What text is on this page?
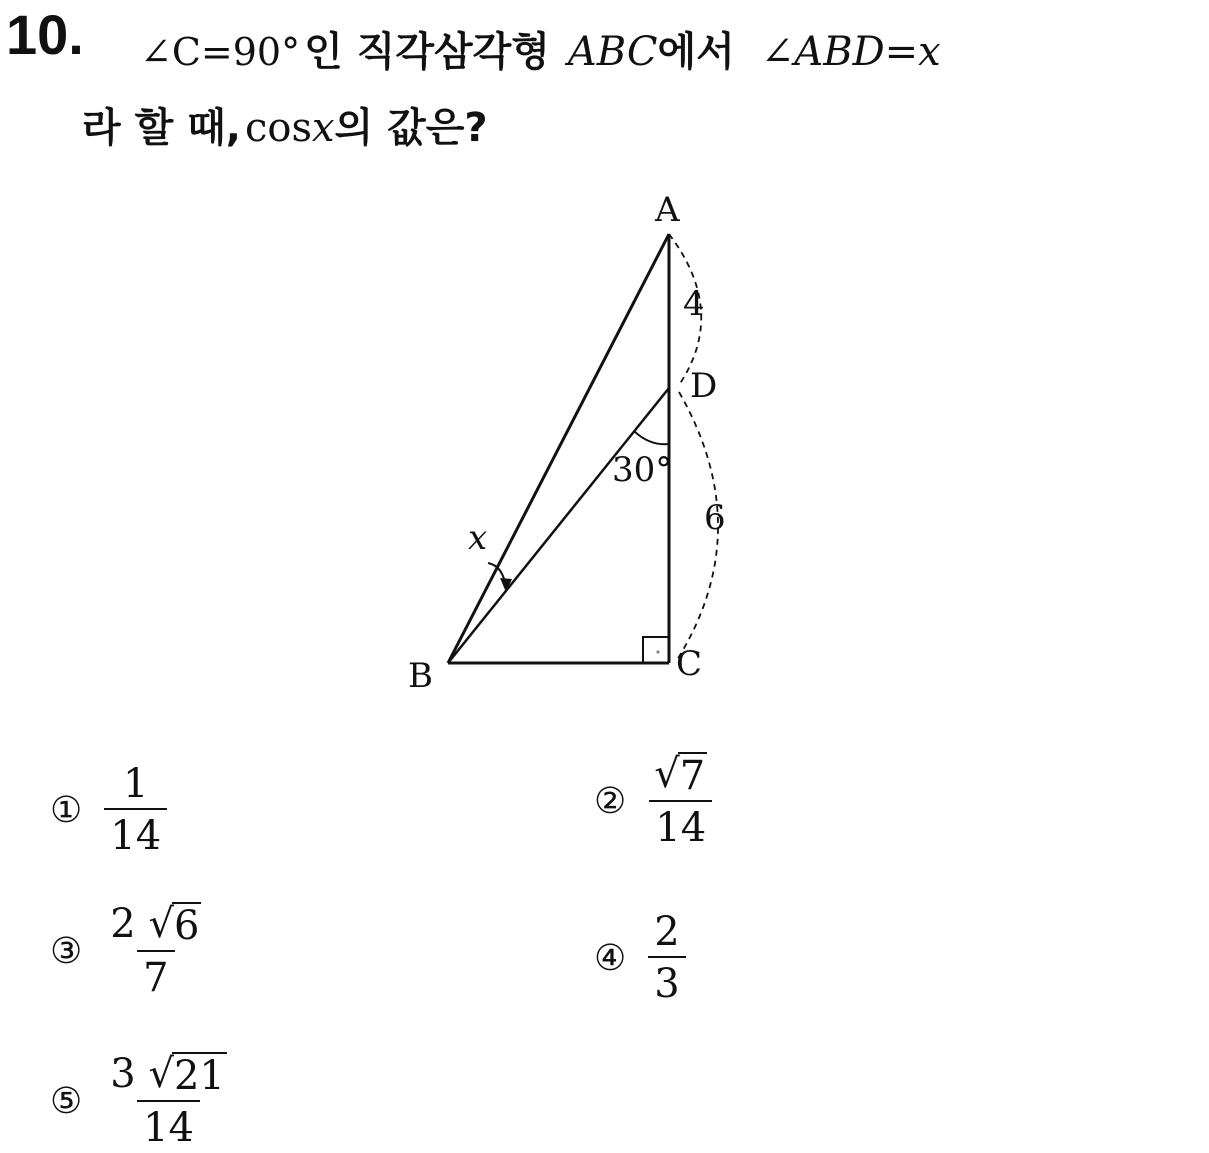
10. ∠C=90° 인 직각삼각형 ABC에서 ∠ABD=x
라 할 때, cosx의 값은?
A
B	C
D
4
6
30°
x
① $\frac{1}{14}$	② $\frac{√ 7}{14}$
③ $\frac{2 √ 6}{7}$	④ $\frac{2}{3}$
⑤ $\frac{3 √ 21}{14}$
